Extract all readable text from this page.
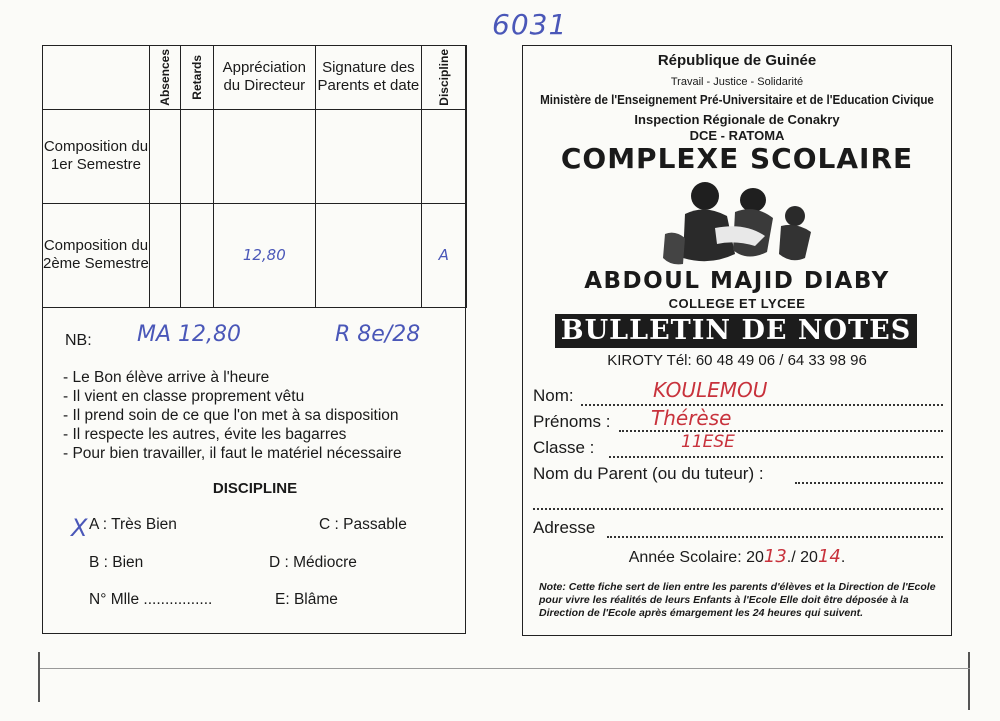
6031

	Absences	Retards	Appréciation du Directeur	Signature des Parents et date	Discipline

Composition du 1er Semestre					
Composition du 2ème Semestre			12,80		A
NB: MA 12,80	R 8e/28
- Le Bon élève arrive à l'heure
- Il vient en classe proprement vêtu
- Il prend soin de ce que l'on met à sa disposition
- Il respecte les autres, évite les bagarres
- Pour bien travailler, il faut le matériel nécessaire
DISCIPLINE
X A : Très Bien	C : Passable
B : Bien	D : Médiocre
N° Mlle ................	E: Blâme
République de Guinée
Travail - Justice - Solidarité
Ministère de l'Enseignement Pré-Universitaire et de l'Education Civique
Inspection Régionale de Conakry
DCE - RATOMA
COMPLEXE SCOLAIRE
ABDOUL MAJID DIABY
COLLEGE ET LYCEE
BULLETIN DE NOTES
KIROTY Tél: 60 48 49 06 / 64 33 98 96
Nom:	KOULEMOU
Prénoms : Thérèse
Classe :	11ESE
Nom du Parent (ou du tuteur) :
Adresse
Année Scolaire: 2013./ 2014.
Note: Cette fiche sert de lien entre les parents d'élèves et la Direction de l'Ecole pour vivre les réalités de leurs Enfants à l'Ecole Elle doit être déposée à la Direction de l'Ecole après émargement les 24 heures qui suivent.
